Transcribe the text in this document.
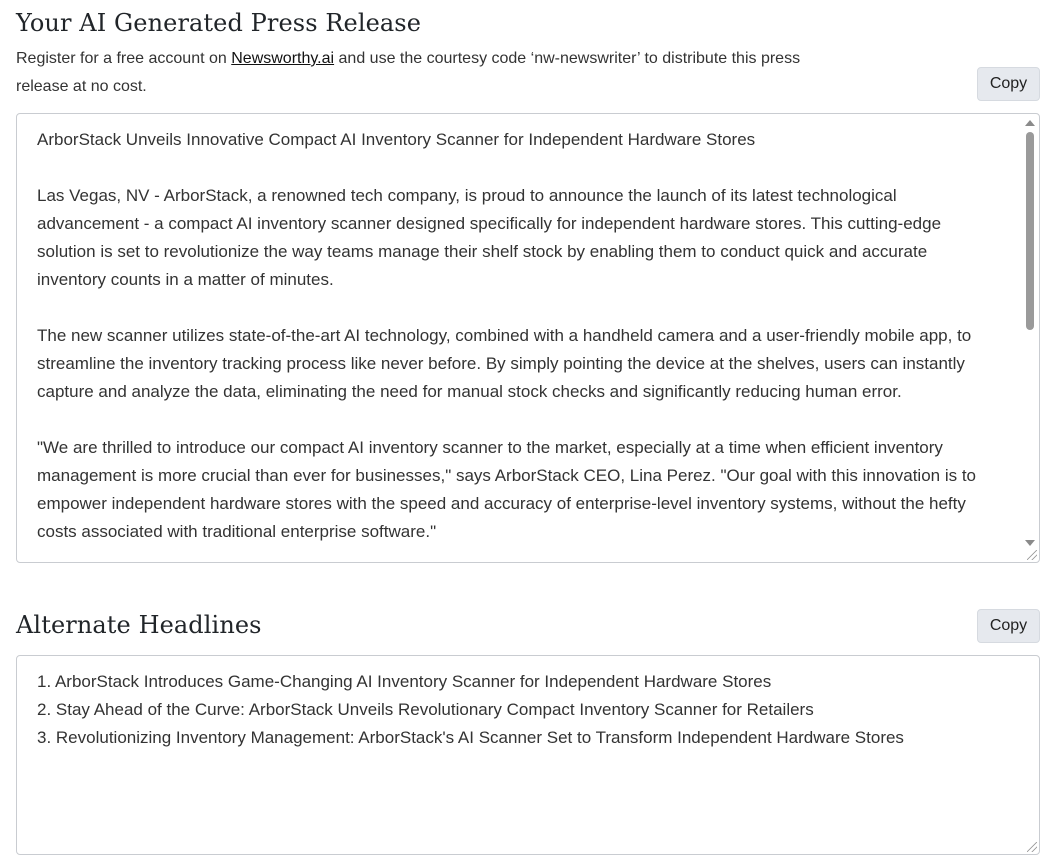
Your AI Generated Press Release
Register for a free account on Newsworthy.ai and use the courtesy code ‘nw-newswriter’ to distribute this press release at no cost.	Copy

ArborStack Unveils Innovative Compact AI Inventory Scanner for Independent Hardware Stores

Las Vegas, NV - ArborStack, a renowned tech company, is proud to announce the launch of its latest technological advancement - a compact AI inventory scanner designed specifically for independent hardware stores. This cutting-edge solution is set to revolutionize the way teams manage their shelf stock by enabling them to conduct quick and accurate inventory counts in a matter of minutes.

The new scanner utilizes state-of-the-art AI technology, combined with a handheld camera and a user-friendly mobile app, to streamline the inventory tracking process like never before. By simply pointing the device at the shelves, users can instantly capture and analyze the data, eliminating the need for manual stock checks and significantly reducing human error.

"We are thrilled to introduce our compact AI inventory scanner to the market, especially at a time when efficient inventory management is more crucial than ever for businesses," says ArborStack CEO, Lina Perez. "Our goal with this innovation is to empower independent hardware stores with the speed and accuracy of enterprise-level inventory systems, without the hefty costs associated with traditional enterprise software."

Alternate Headlines	Copy
1. ArborStack Introduces Game-Changing AI Inventory Scanner for Independent Hardware Stores
2. Stay Ahead of the Curve: ArborStack Unveils Revolutionary Compact Inventory Scanner for Retailers
3. Revolutionizing Inventory Management: ArborStack's AI Scanner Set to Transform Independent Hardware Stores
